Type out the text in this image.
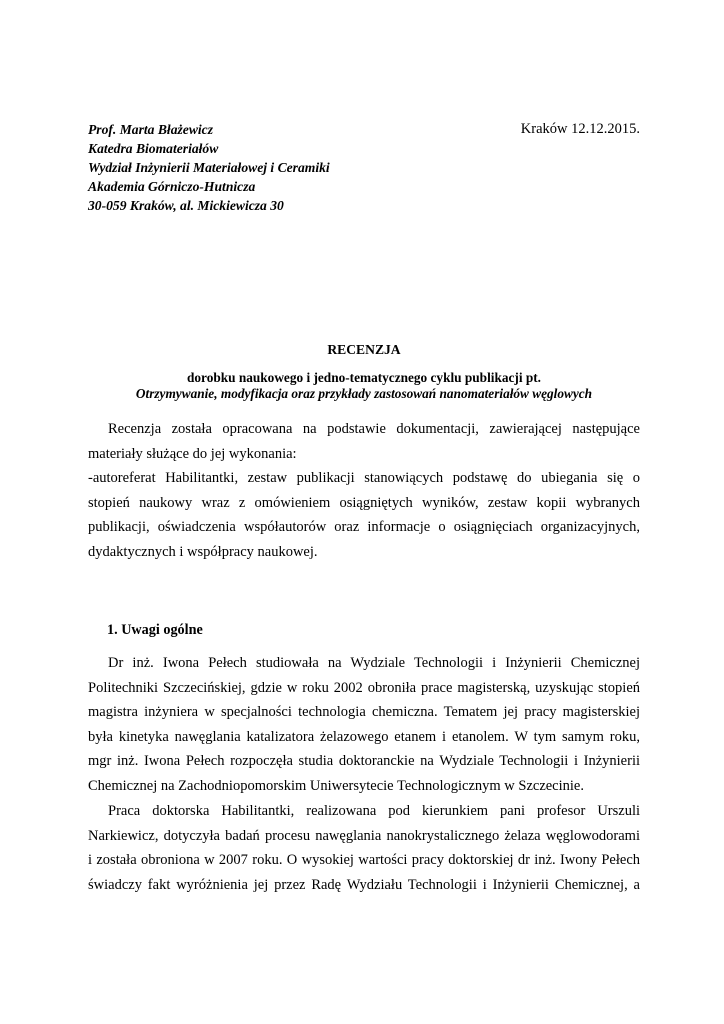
Prof. Marta Błażewicz
Katedra Biomateriałów
Wydział Inżynierii Materiałowej i Ceramiki
Akademia Górniczo-Hutnicza
30-059 Kraków, al. Mickiewicza 30
Kraków 12.12.2015.
RECENZJA
dorobku naukowego i jedno-tematycznego cyklu publikacji pt.
Otrzymywanie, modyfikacja oraz przykłady zastosowań nanomateriałów węglowych
Recenzja została opracowana na podstawie dokumentacji, zawierającej następujące
materiały służące do jej wykonania:
-autoreferat Habilitantki, zestaw publikacji stanowiących podstawę do ubiegania się o
stopień naukowy wraz z omówieniem osiągniętych wyników, zestaw kopii wybranych
publikacji, oświadczenia współautorów oraz informacje o osiągnięciach organizacyjnych,
dydaktycznych i współpracy naukowej.
1. Uwagi ogólne
Dr inż. Iwona Pełech studiowała na Wydziale Technologii i Inżynierii Chemicznej
Politechniki Szczecińskiej, gdzie w roku 2002 obroniła prace magisterską, uzyskując stopień
magistra inżyniera w specjalności technologia chemiczna. Tematem jej pracy magisterskiej
była kinetyka nawęglania katalizatora żelazowego etanem i etanolem. W tym samym roku,
mgr inż. Iwona Pełech rozpoczęła studia doktoranckie na Wydziale Technologii i Inżynierii
Chemicznej na Zachodniopomorskim Uniwersytecie Technologicznym w Szczecinie.
Praca doktorska Habilitantki, realizowana pod kierunkiem pani profesor Urszuli
Narkiewicz, dotyczyła badań procesu nawęglania nanokrystalicznego żelaza węglowodorami
i została obroniona w 2007 roku. O wysokiej wartości pracy doktorskiej dr inż. Iwony Pełech
świadczy fakt wyróżnienia jej przez Radę Wydziału Technologii i Inżynierii Chemicznej, a
